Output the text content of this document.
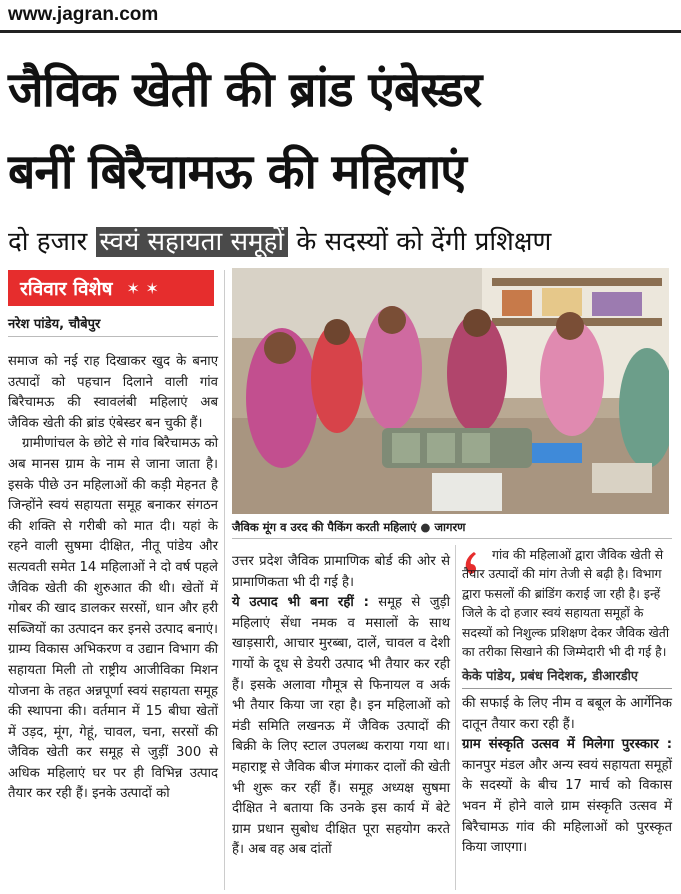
www.jagran.com
जैविक खेती की ब्रांड एंबेस्डर
बनीं बिरैचामऊ की महिलाएं
दो हजार स्वयं सहायता समूहों के सदस्यों को देंगी प्रशिक्षण
रविवार विशेष ✶ ✶
नरेश पांडेय, चौबेपुर

समाज को नई राह दिखाकर खुद के बनाए उत्पादों को पहचान दिलाने वाली गांव बिरैचामऊ की स्वावलंबी महिलाएं अब जैविक खेती की ब्रांड एंबेस्डर बन चुकी हैं।

ग्रामीणांचल के छोटे से गांव बिरैचामऊ को अब मानस ग्राम के नाम से जाना जाता है। इसके पीछे उन महिलाओं की कड़ी मेहनत है जिन्होंने स्वयं सहायता समूह बनाकर संगठन की शक्ति से गरीबी को मात दी। यहां के रहने वाली सुषमा दीक्षित, नीतू पांडेय और सत्यवती समेत 14 महिलाओं ने दो वर्ष पहले जैविक खेती की शुरुआत की थी। खेतों में गोबर की खाद डालकर सरसों, धान और हरी सब्जियों का उत्पादन कर इनसे उत्पाद बनाएं। ग्राम्य विकास अभिकरण व उद्यान विभाग की सहायता मिली तो राष्ट्रीय आजीविका मिशन योजना के तहत अन्नपूर्णा स्वयं सहायता समूह की स्थापना की। वर्तमान में 15 बीघा खेतों में उड़द, मूंग, गेहूं, चावल, चना, सरसों की जैविक खेती कर समूह से जुड़ीं 300 से अधिक महिलाएं घर पर ही विभिन्न उत्पाद तैयार कर रही हैं। इनके उत्पादों को

जैविक मूंग व उरद की पैकिंग करती महिलाएं ● जागरण

उत्तर प्रदेश जैविक प्रामाणिक बोर्ड की ओर से प्रामाणिकता भी दी गई है।

ये उत्पाद भी बना रहीं : समूह से जुड़ी महिलाएं सेंधा नमक व मसालों के साथ खाड़सारी, आचार मुरब्बा, दालें, चावल व देशी गायों के दूध से डेयरी उत्पाद भी तैयार कर रही हैं। इसके अलावा गौमूत्र से फिनायल व अर्क भी तैयार किया जा रहा है। इन महिलाओं को मंडी समिति लखनऊ में जैविक उत्पादों की बिक्री के लिए स्टाल उपलब्ध कराया गया था। महाराष्ट्र से जैविक बीज मंगाकर दालों की खेती भी शुरू कर रहीं हैं। समूह अध्यक्ष सुषमा दीक्षित ने बताया कि उनके इस कार्य में बेटे ग्राम प्रधान सुबोध दीक्षित पूरा सहयोग करते हैं। अब वह अब दांतों

गांव की महिलाओं द्वारा जैविक खेती से तैयार उत्पादों की मांग तेजी से बढ़ी है। विभाग द्वारा फसलों की ब्रांडिंग कराई जा रही है। इन्हें जिले के दो हजार स्वयं सहायता समूहों के सदस्यों को निशुल्क प्रशिक्षण देकर जैविक खेती का तरीका सिखाने की जिम्मेदारी भी दी गई है।
केके पांडेय, प्रबंध निदेशक, डीआरडीए

की सफाई के लिए नीम व बबूल के आर्गेनिक दातून तैयार करा रही हैं।

ग्राम संस्कृति उत्सव में मिलेगा पुरस्कार : कानपुर मंडल और अन्य स्वयं सहायता समूहों के सदस्यों के बीच 17 मार्च को विकास भवन में होने वाले ग्राम संस्कृति उत्सव में बिरैचामऊ गांव की महिलाओं को पुरस्कृत किया जाएगा।
